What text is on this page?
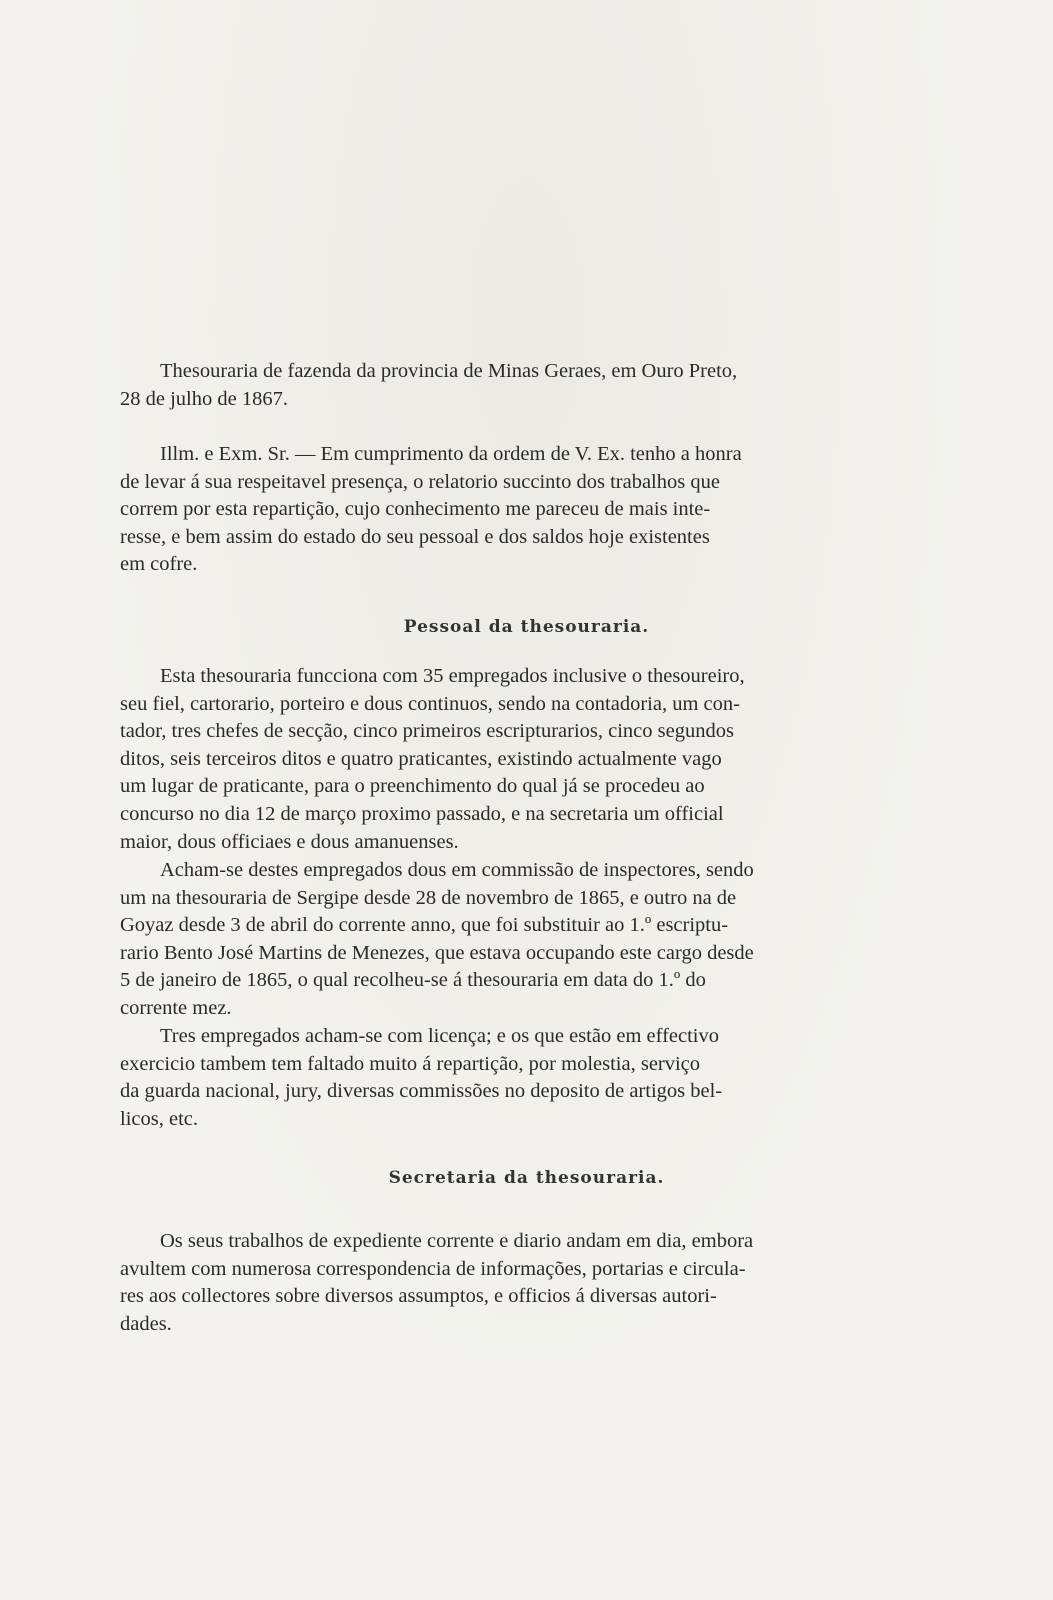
Thesouraria de fazenda da provincia de Minas Geraes, em Ouro Preto,

28 de julho de 1867.

Illm. e Exm. Sr. — Em cumprimento da ordem de V. Ex. tenho a honra

de levar á sua respeitavel presença, o relatorio succinto dos trabalhos que

correm por esta repartição, cujo conhecimento me pareceu de mais inte-

resse, e bem assim do estado do seu pessoal e dos saldos hoje existentes

em cofre.

Pessoal da thesouraria.

Esta thesouraria funcciona com 35 empregados inclusive o thesoureiro,

seu fiel, cartorario, porteiro e dous continuos, sendo na contadoria, um con-

tador, tres chefes de secção, cinco primeiros escripturarios, cinco segundos

ditos, seis terceiros ditos e quatro praticantes, existindo actualmente vago

um lugar de praticante, para o preenchimento do qual já se procedeu ao

concurso no dia 12 de março proximo passado, e na secretaria um official

maior, dous officiaes e dous amanuenses.

Acham-se destes empregados dous em commissão de inspectores, sendo

um na thesouraria de Sergipe desde 28 de novembro de 1865, e outro na de

Goyaz desde 3 de abril do corrente anno, que foi substituir ao 1.º escriptu-

rario Bento José Martins de Menezes, que estava occupando este cargo desde

5 de janeiro de 1865, o qual recolheu-se á thesouraria em data do 1.º do

corrente mez.

Tres empregados acham-se com licença; e os que estão em effectivo

exercicio tambem tem faltado muito á repartição, por molestia, serviço

da guarda nacional, jury, diversas commissões no deposito de artigos bel-

licos, etc.

Secretaria da thesouraria.

Os seus trabalhos de expediente corrente e diario andam em dia, embora

avultem com numerosa correspondencia de informações, portarias e circula-

res aos collectores sobre diversos assumptos, e officios á diversas autori-

dades.
